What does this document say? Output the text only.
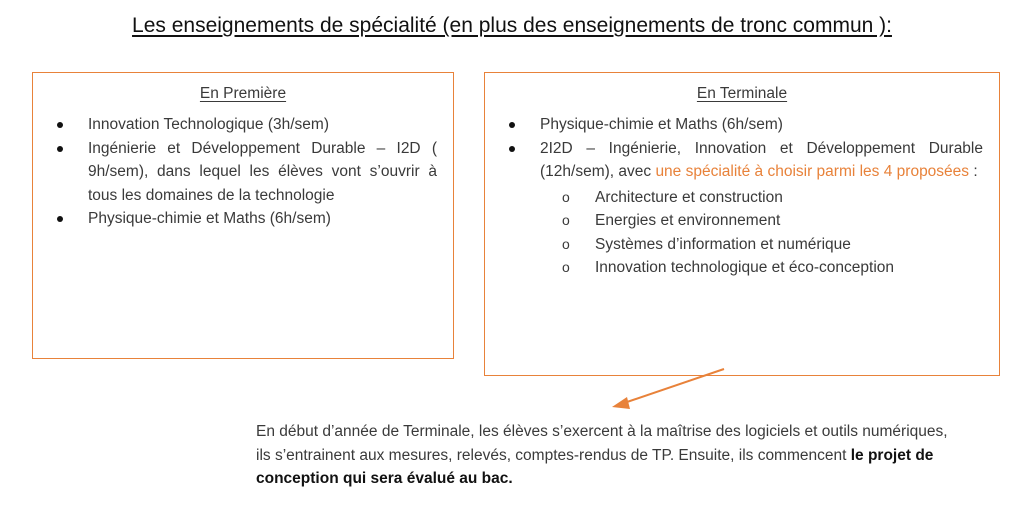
Les enseignements de spécialité (en plus des enseignements de tronc commun ):
En Première
Innovation Technologique (3h/sem)
Ingénierie et Développement Durable – I2D ( 9h/sem), dans lequel les élèves vont s’ouvrir à tous les domaines de la technologie
Physique-chimie et Maths (6h/sem)
En Terminale
Physique-chimie et Maths (6h/sem)
2I2D – Ingénierie, Innovation et Développement Durable (12h/sem), avec une spécialité à choisir parmi les 4 proposées :
o Architecture et construction
o Energies et environnement
o Systèmes d’information et numérique
o Innovation technologique et éco-conception

En début d’année de Terminale, les élèves s’exercent à la maîtrise des logiciels et outils numériques, ils s’entrainent aux mesures, relevés, comptes-rendus de TP. Ensuite, ils commencent le projet de conception qui sera évalué au bac.
